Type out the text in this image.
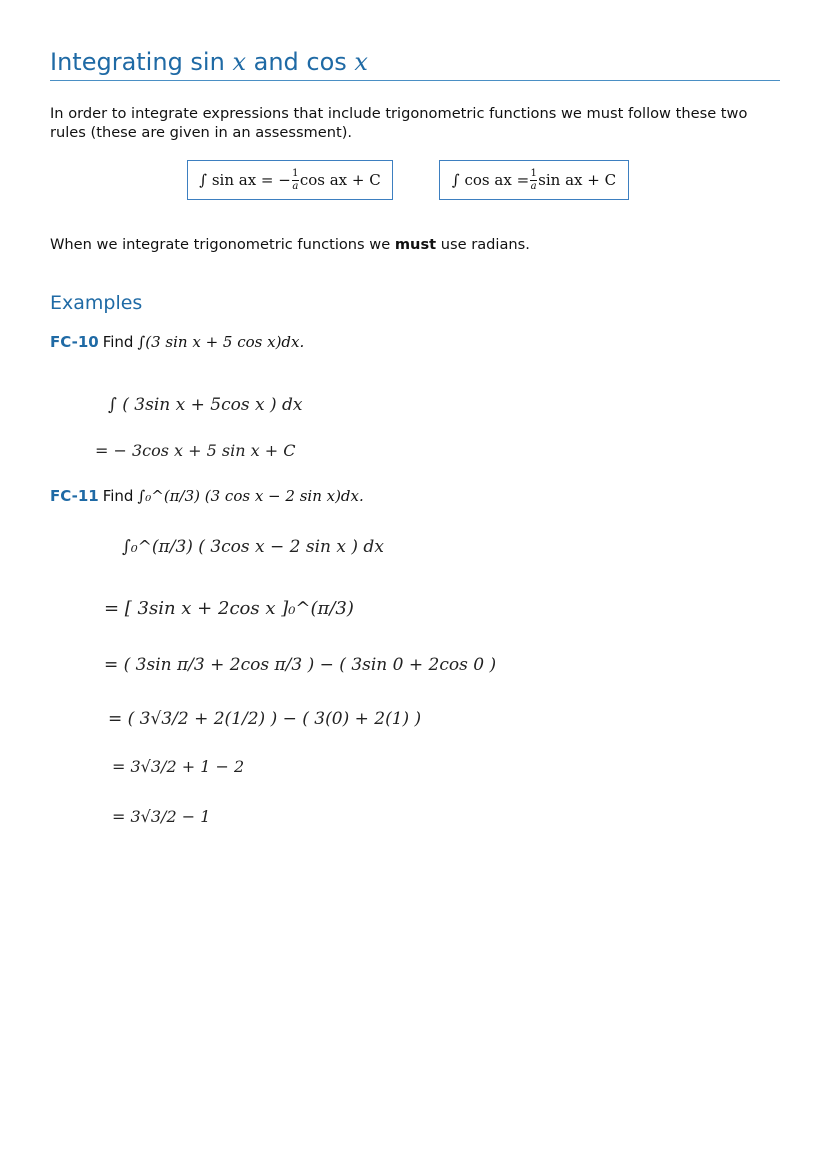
Integrating sin x and cos x
In order to integrate expressions that include trigonometric functions we must follow these two rules (these are given in an assessment).
∫ sin ax = − $\frac{1}{a}$ cos ax + C	∫ cos ax = $\frac{1}{a}$ sin ax + C
When we integrate trigonometric functions we must use radians.
Examples
FC-10 Find ∫(3 sin x + 5 cos x)dx.
FC-11 Find ∫₀^(π/3) (3 cos x − 2 sin x)dx.
∫ ( 3sin x + 5cos x ) dx
= − 3cos x + 5 sin x + C
∫₀^(π/3) ( 3cos x − 2 sin x ) dx
= [ 3sin x + 2cos x ]₀^(π/3)
= ( 3sin π/3 + 2cos π/3 ) − ( 3sin 0 + 2cos 0 )
= ( 3√3/2 + 2(1/2) ) − ( 3(0) + 2(1) )
= 3√3/2 + 1 − 2
= 3√3/2 − 1
